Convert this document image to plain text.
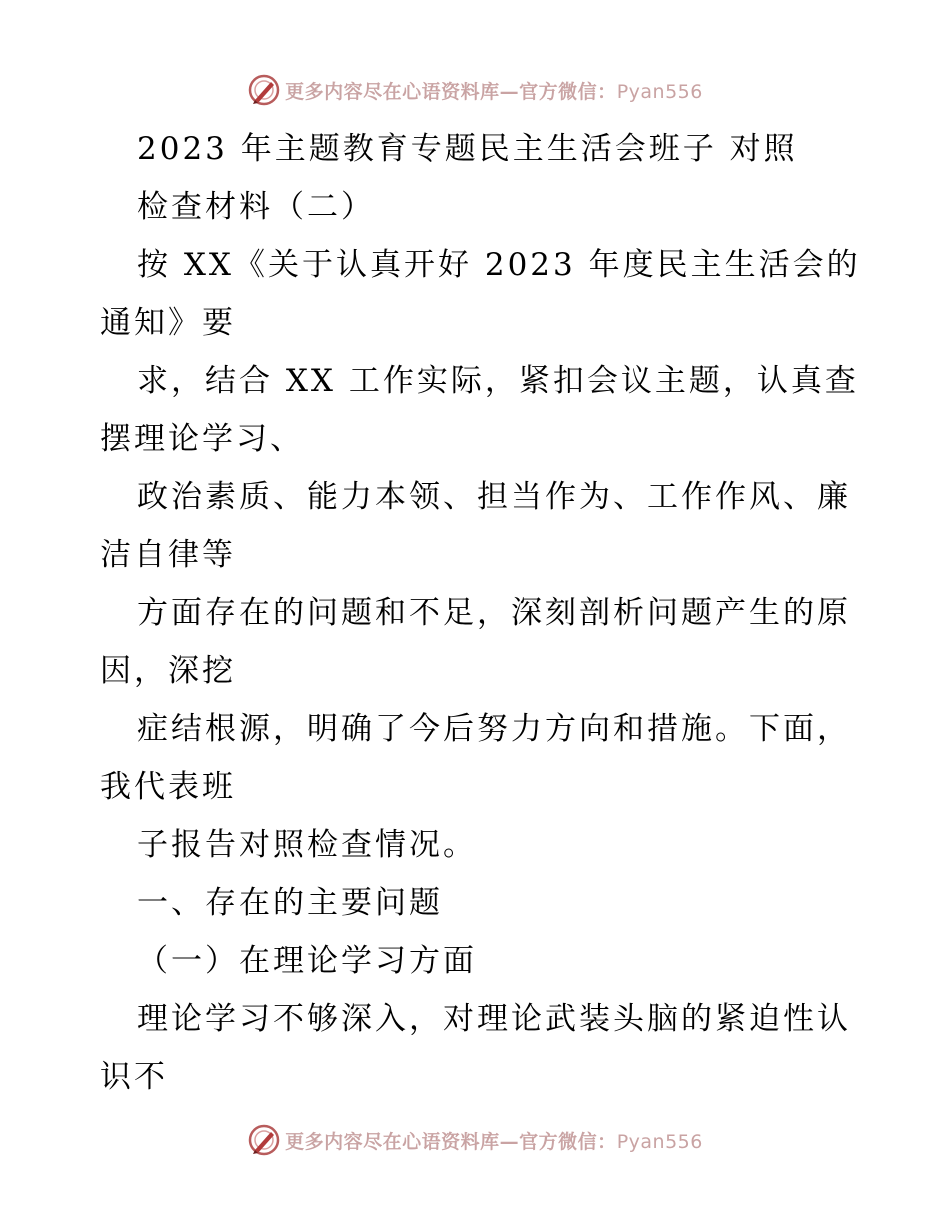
更多内容尽在心语资料库—官方微信：Pyan556
2023 年主题教育专题民主生活会班子 对照
检查材料（二）
按 XX《关于认真开好 2023 年度民主生活会的
通知》要
求，结合 XX 工作实际，紧扣会议主题，认真查
摆理论学习、
政治素质、能力本领、担当作为、工作作风、廉
洁自律等
方面存在的问题和不足，深刻剖析问题产生的原
因，深挖
症结根源，明确了今后努力方向和措施。下面，
我代表班
子报告对照检查情况。
一、存在的主要问题
（一）在理论学习方面
理论学习不够深入，对理论武装头脑的紧迫性认
识不
更多内容尽在心语资料库—官方微信：Pyan556
